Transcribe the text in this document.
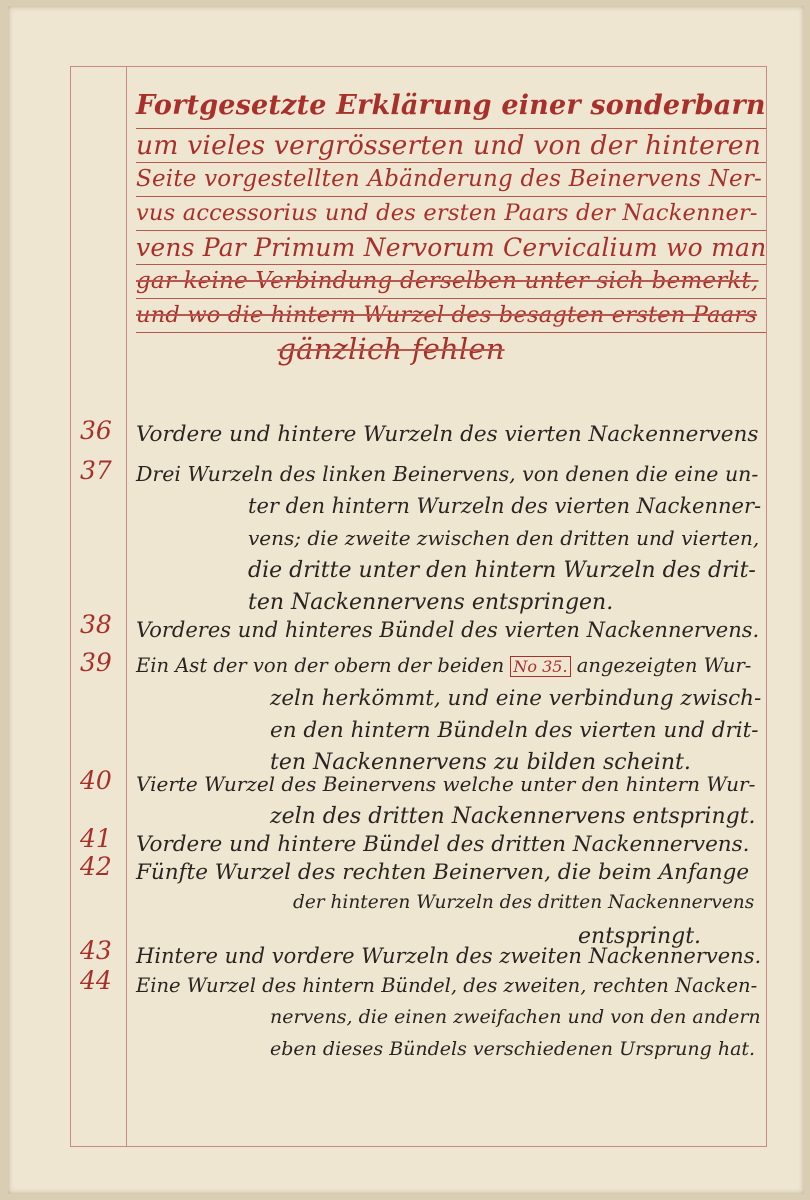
Fortgesetzte Erklärung einer sonderbarn
um vieles vergrösserten und von der hinteren
Seite vorgestellten Abänderung des Beinervens Ner-
vus accessorius und des ersten Paars der Nackenner-
vens Par Primum Nervorum Cervicalium wo man
gar keine Verbindung derselben unter sich bemerkt,
und wo die hintern Wurzel des besagten ersten Paars
gänzlich fehlen
36	Vordere und hintere Wurzeln des vierten Nackennervens
37	Drei Wurzeln des linken Beinervens, von denen die eine un-
ter den hintern Wurzeln des vierten Nackenner-
vens; die zweite zwischen den dritten und vierten,
die dritte unter den hintern Wurzeln des drit-
ten Nackennervens entspringen.
38	Vorderes und hinteres Bündel des vierten Nackennervens.
39	Ein Ast der von der obern der beiden No 35. angezeigten Wur-
zeln herkömmt, und eine verbindung zwisch-
en den hintern Bündeln des vierten und drit-
ten Nackennervens zu bilden scheint.
40	Vierte Wurzel des Beinervens welche unter den hintern Wur-
zeln des dritten Nackennervens entspringt.
41	Vordere und hintere Bündel des dritten Nackennervens.
42	Fünfte Wurzel des rechten Beinerven, die beim Anfange
der hinteren Wurzeln des dritten Nackennervens
entspringt.
43	Hintere und vordere Wurzeln des zweiten Nackennervens.
44	Eine Wurzel des hintern Bündel, des zweiten, rechten Nacken-
nervens, die einen zweifachen und von den andern
eben dieses Bündels verschiedenen Ursprung hat.
